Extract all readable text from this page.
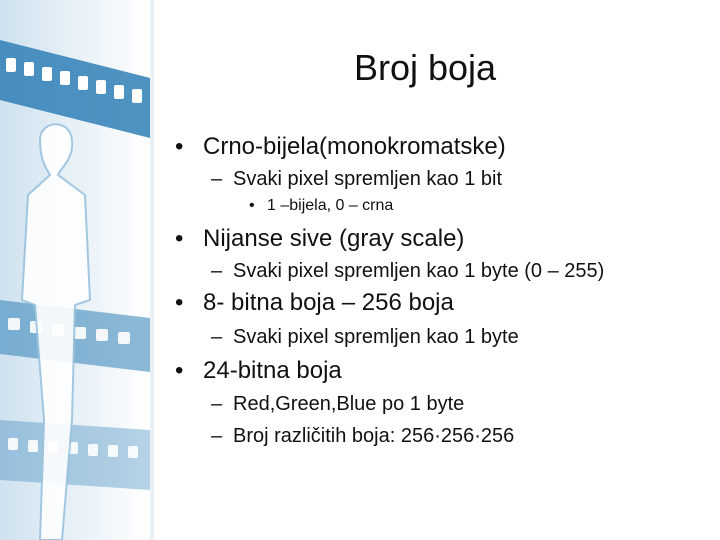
Broj boja
• Crno-bijela(monokromatske)
– Svaki pixel spremljen kao 1 bit
• 1 –bijela, 0 – crna
• Nijanse sive (gray scale)
– Svaki pixel spremljen kao 1 byte (0 – 255)
• 8- bitna boja – 256 boja
– Svaki pixel spremljen kao 1 byte
• 24-bitna boja
– Red,Green,Blue po 1 byte
– Broj različitih boja: 256·256·256
